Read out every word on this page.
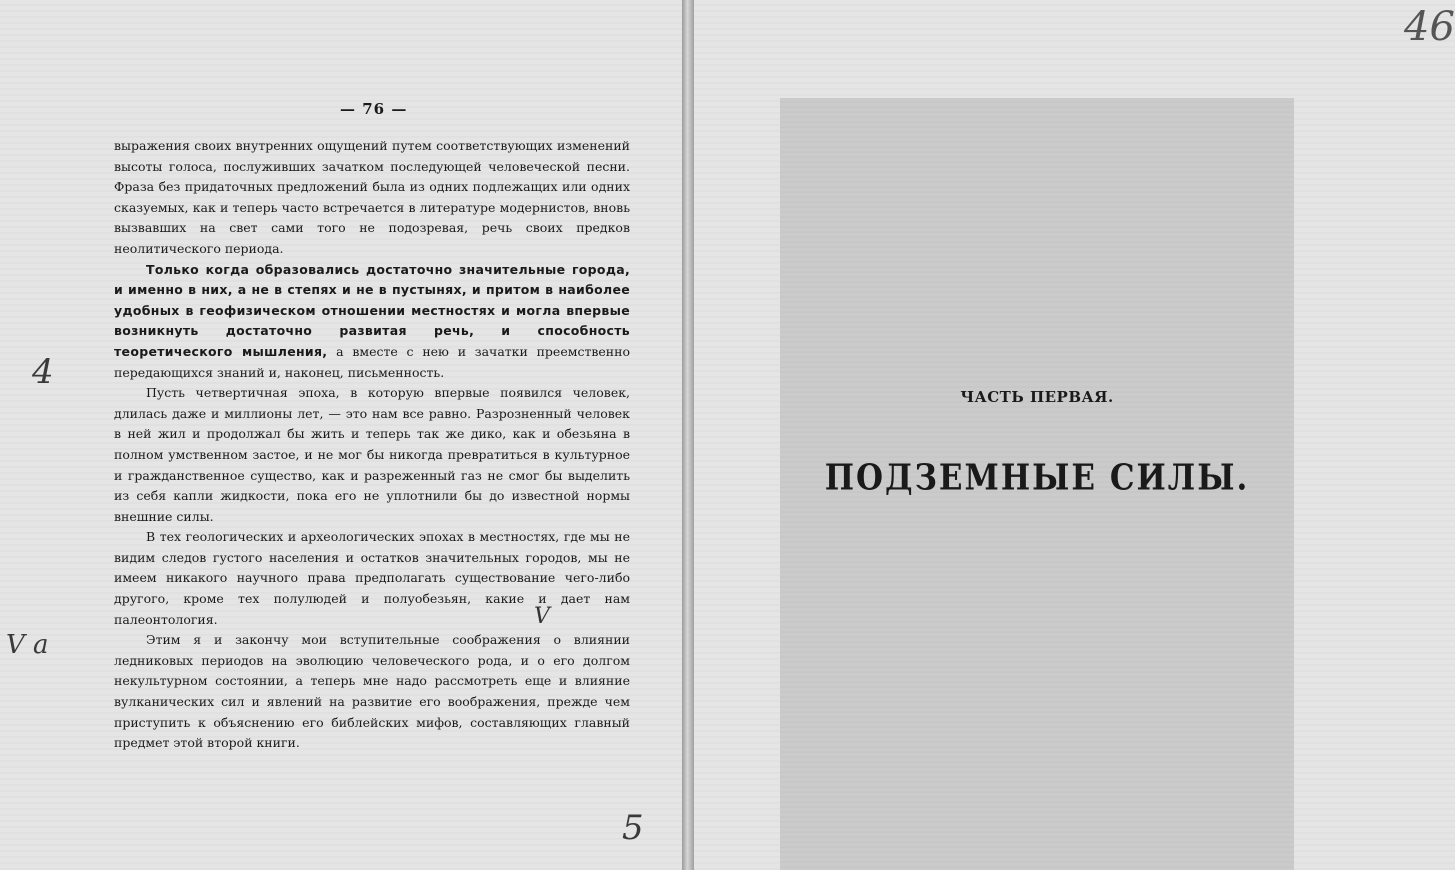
— 76 —

выражения своих внутренних ощущений путем соответствующих изменений высоты голоса, послуживших зачатком последующей человеческой песни. Фраза без придаточных предложений была из одних подлежащих или одних сказуемых, как и теперь часто встречается в литературе модернистов, вновь вызвавших на свет сами того не подозревая, речь своих предков неолитического периода.

Только когда образовались достаточно значительные города, и именно в них, а не в степях и не в пустынях, и притом в наиболее удобных в геофизическом отношении местностях и могла впервые возникнуть достаточно развитая речь, и способность теоретического мышления, а вместе с нею и зачатки преемственно передающихся знаний и, наконец, письменность.

Пусть четвертичная эпоха, в которую впервые появился человек, длилась даже и миллионы лет, — это нам все равно. Разрозненный человек в ней жил и продолжал бы жить и теперь так же дико, как и обезьяна в полном умственном застое, и не мог бы никогда превратиться в культурное и гражданственное существо, как и разреженный газ не смог бы выделить из себя капли жидкости, пока его не уплотнили бы до известной нормы внешние силы.

В тех геологических и археологических эпохах в местностях, где мы не видим следов густого населения и остатков значительных городов, мы не имеем никакого научного права предполагать существование чего-либо другого, кроме тех полулюдей и полуобезьян, какие и дает нам палеонтология.

Этим я и закончу мои вступительные соображения о влиянии ледниковых периодов на эволюцию человеческого рода, и о его долгом некультурном состоянии, а теперь мне надо рассмотреть еще и влияние вулканических сил и явлений на развитие его воображения, прежде чем приступить к объяснению его библейских мифов, составляющих главный предмет этой второй книги.

4
V a
V
5
ЧАСТЬ ПЕРВАЯ.
ПОДЗЕМНЫЕ СИЛЫ.
46
